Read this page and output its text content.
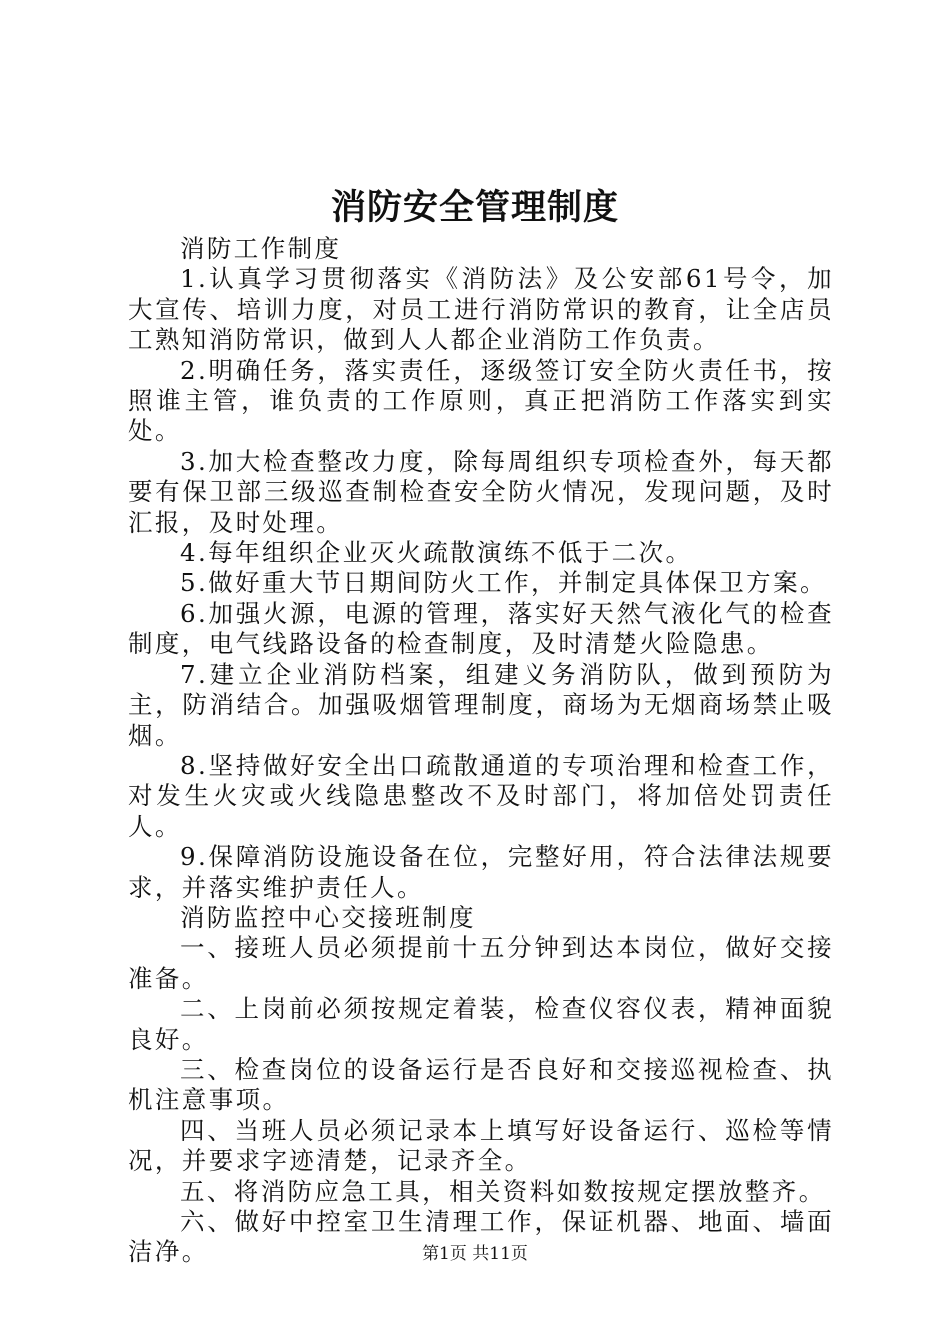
消防安全管理制度

消防工作制度

1.认真学习贯彻落实《消防法》及公安部61号令，加大宣传、培训力度，对员工进行消防常识的教育，让全店员工熟知消防常识，做到人人都企业消防工作负责。

2.明确任务，落实责任，逐级签订安全防火责任书，按照谁主管，谁负责的工作原则，真正把消防工作落实到实处。

3.加大检查整改力度，除每周组织专项检查外，每天都要有保卫部三级巡查制检查安全防火情况，发现问题，及时汇报，及时处理。

4.每年组织企业灭火疏散演练不低于二次。

5.做好重大节日期间防火工作，并制定具体保卫方案。

6.加强火源，电源的管理，落实好天然气液化气的检查制度，电气线路设备的检查制度，及时清楚火险隐患。

7.建立企业消防档案，组建义务消防队，做到预防为主，防消结合。加强吸烟管理制度，商场为无烟商场禁止吸烟。

8.坚持做好安全出口疏散通道的专项治理和检查工作，对发生火灾或火线隐患整改不及时部门，将加倍处罚责任人。

9.保障消防设施设备在位，完整好用，符合法律法规要求，并落实维护责任人。

消防监控中心交接班制度

一、接班人员必须提前十五分钟到达本岗位，做好交接准备。

二、上岗前必须按规定着装，检查仪容仪表，精神面貌良好。

三、检查岗位的设备运行是否良好和交接巡视检查、执机注意事项。

四、当班人员必须记录本上填写好设备运行、巡检等情况，并要求字迹清楚，记录齐全。

五、将消防应急工具，相关资料如数按规定摆放整齐。

六、做好中控室卫生清理工作，保证机器、地面、墙面洁净。	第1页 共11页
